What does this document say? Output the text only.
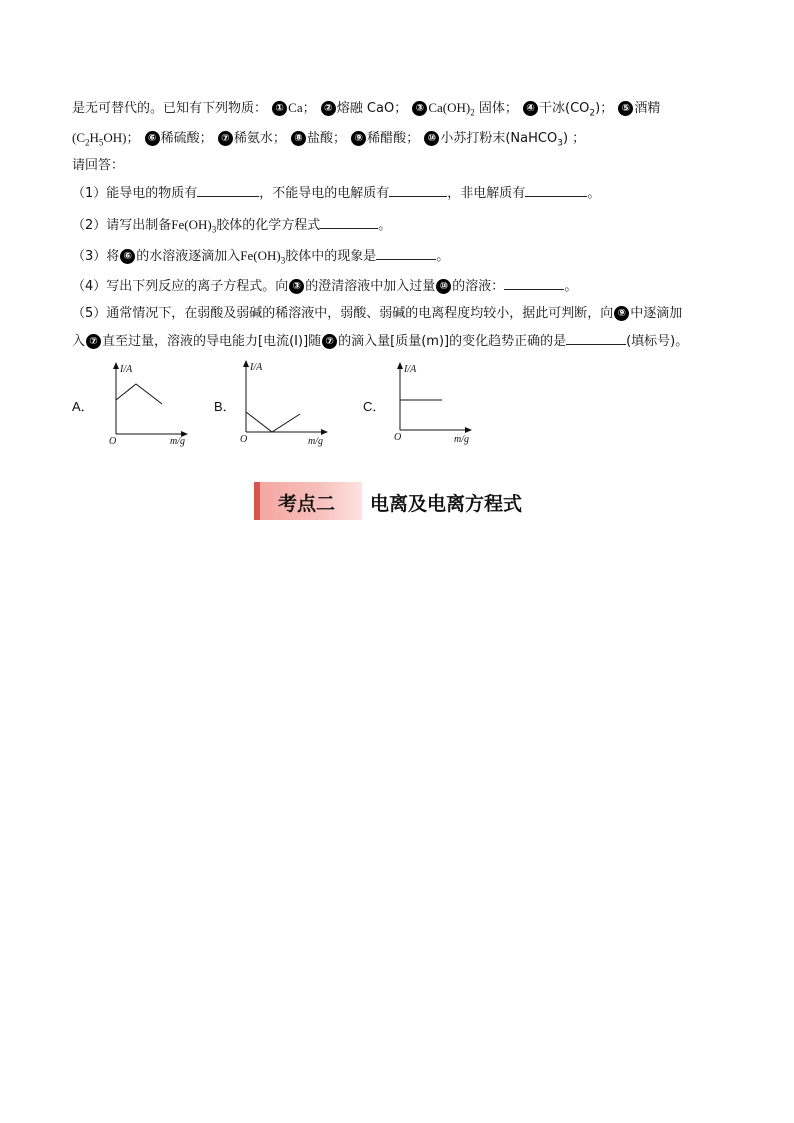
是无可替代的。已知有下列物质： ① Ca； ② 熔融 CaO； ③ $Ca(OH)_2$ 固体； ④ 干冰$(CO_2)$； ⑤ 酒精
$(C_2H_5OH)$； ⑥ 稀硫酸； ⑦ 稀氨水； ⑧ 盐酸； ⑨ 稀醋酸； ⑩ 小苏打粉末(NaHCO$_3$) ；
请回答：
（1）能导电的物质有	，不能导电的电解质有	，非电解质有	。
（2）请写出制备$Fe(OH)_3$胶体的化学方程式	。
（3）将 ⑥ 的水溶液逐滴加入$Fe(OH)_3$胶体中的现象是	。
（4）写出下列反应的离子方程式。向 ③ 的澄清溶液中加入过量 ⑩ 的溶液：	。
（5）通常情况下，在弱酸及弱碱的稀溶液中，弱酸、弱碱的电离程度均较小，据此可判断，向 ⑨ 中逐滴加
入 ⑦ 直至过量，溶液的导电能力[电流(I)]随 ⑦ 的滴入量[质量(m)]的变化趋势正确的是	(填标号)。
A．
I/A
m/g
O
B．
I/A
m/g
O
C．
I/A
m/g
O
考点二 电离及电离方程式
